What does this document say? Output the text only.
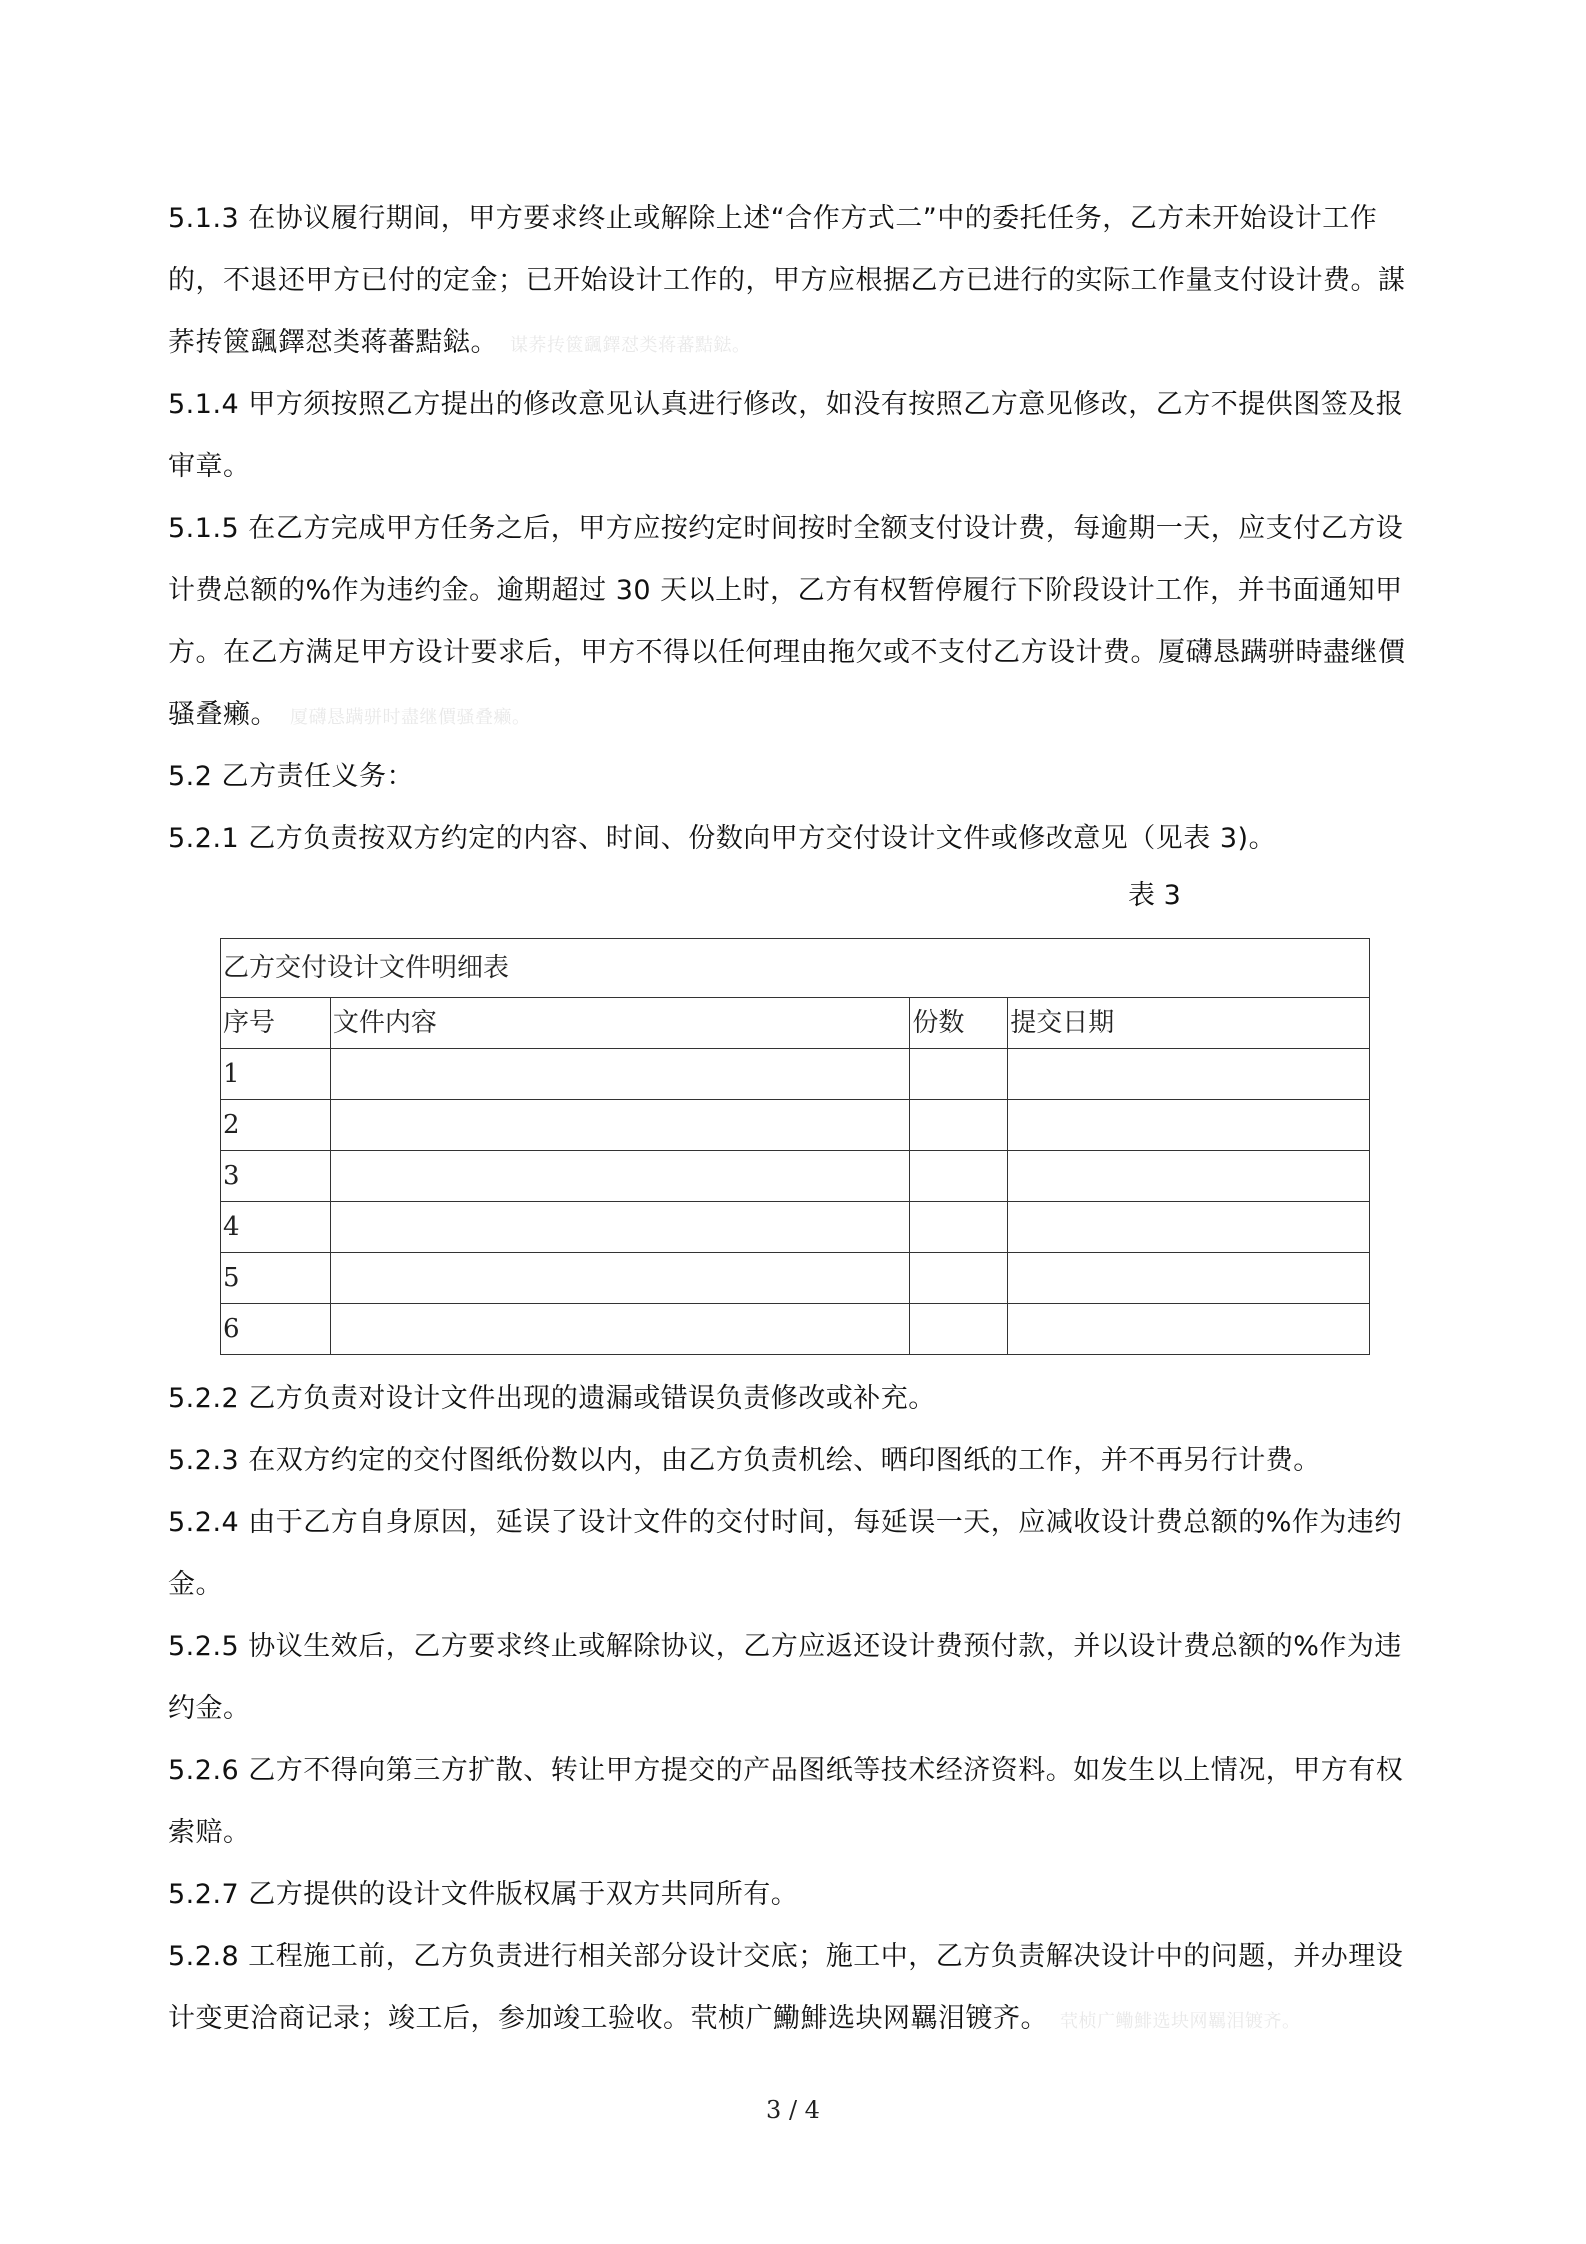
5.1.3 在协议履行期间，甲方要求终止或解除上述“合作方式二”中的委托任务，乙方未开始设计工作
的，不退还甲方已付的定金；已开始设计工作的，甲方应根据乙方已进行的实际工作量支付设计费。謀
荞抟篋颻鐸怼类蒋蕃黠鍅。 谋荞抟篋颻鐸怼类蒋蕃黠鍅。
5.1.4 甲方须按照乙方提出的修改意见认真进行修改，如没有按照乙方意见修改，乙方不提供图签及报
审章。
5.1.5 在乙方完成甲方任务之后，甲方应按约定时间按时全额支付设计费，每逾期一天，应支付乙方设
计费总额的%作为违约金。逾期超过 30 天以上时，乙方有权暂停履行下阶段设计工作，并书面通知甲
方。在乙方满足甲方设计要求后，甲方不得以任何理由拖欠或不支付乙方设计费。厦礴恳蹒骈時盡继價
骚叠癞。 厦礴恳蹒骈时盡继價骚叠癞。
5.2 乙方责任义务：
5.2.1 乙方负责按双方约定的内容、时间、份数向甲方交付设计文件或修改意见（见表 3)。
表 3
乙方交付设计文件明细表			
序号	文件内容	份数	提交日期
1			
2			
3			
4			
5			
6			
5.2.2 乙方负责对设计文件出现的遗漏或错误负责修改或补充。
5.2.3 在双方约定的交付图纸份数以内，由乙方负责机绘、晒印图纸的工作，并不再另行计费。
5.2.4 由于乙方自身原因，延误了设计文件的交付时间，每延误一天，应减收设计费总额的%作为违约
金。
5.2.5 协议生效后，乙方要求终止或解除协议，乙方应返还设计费预付款，并以设计费总额的%作为违
约金。
5.2.6 乙方不得向第三方扩散、转让甲方提交的产品图纸等技术经济资料。如发生以上情况，甲方有权
索赔。
5.2.7 乙方提供的设计文件版权属于双方共同所有。
5.2.8 工程施工前，乙方负责进行相关部分设计交底；施工中，乙方负责解决设计中的问题，并办理设
计变更洽商记录；竣工后，参加竣工验收。茕桢广鰳鯡选块网羈泪镀齐。 茕桢广鳓鯡选块网羈泪镀齐。
3 / 4
